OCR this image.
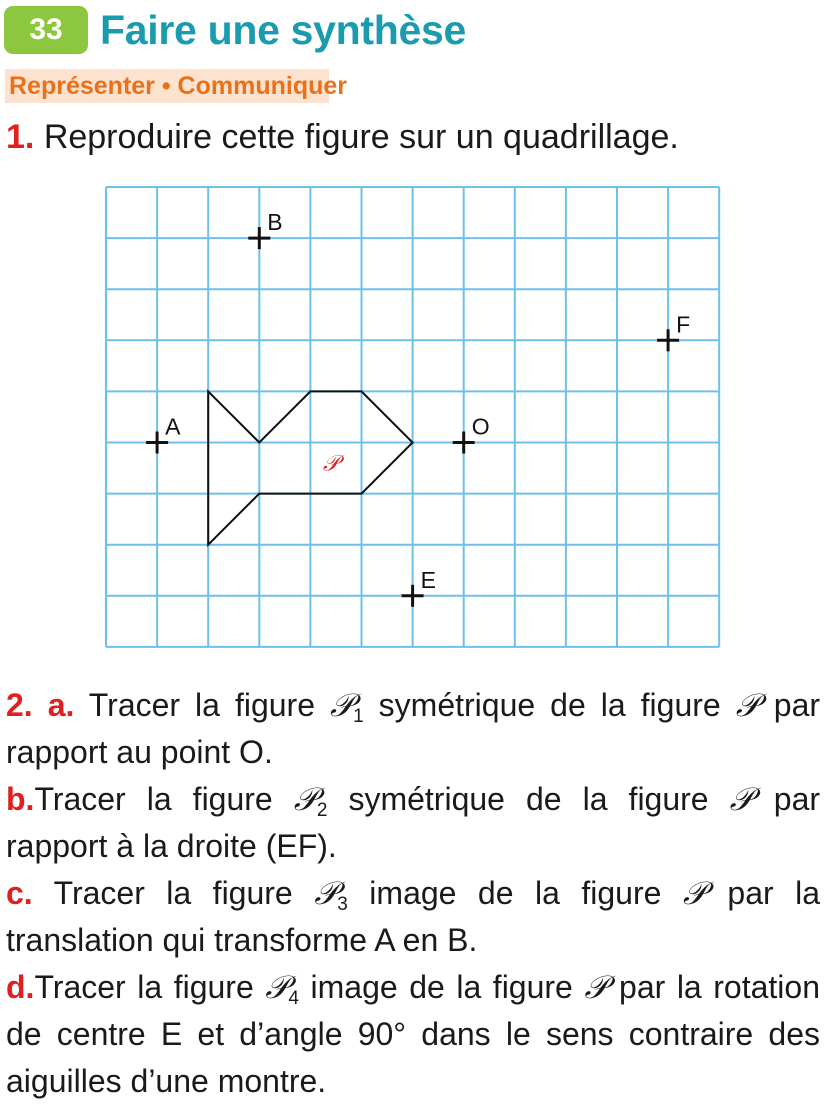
33 Faire une synthèse
Représenter • Communiquer
1. Reproduire cette figure sur un quadrillage.
𝒫
B
F
A	O
E
2. a. Tracer la figure 𝒫$_1$ symétrique de la figure 𝒫 par rapport au point O.
b.Tracer la figure 𝒫$_2$ symétrique de la figure 𝒫 par rapport à la droite (EF).
c. Tracer la figure 𝒫$_3$ image de la figure 𝒫 par la translation qui transforme A en B.
d.Tracer la figure 𝒫$_4$ image de la figure 𝒫 par la rotation de centre E et d’angle 90° dans le sens contraire des aiguilles d’une montre.
